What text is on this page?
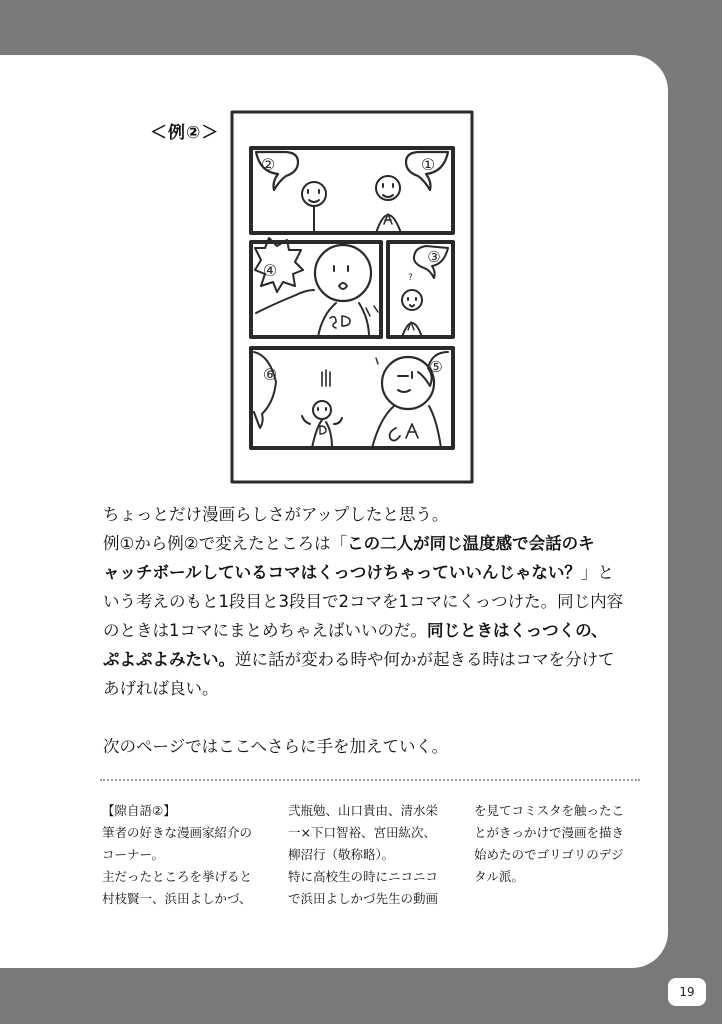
＜例②＞
?
②	①
④
③
⑥	⑤

ちょっとだけ漫画らしさがアップしたと思う。

例①から例②で変えたところは「この二人が同じ温度感で会話のキ

ャッチボールしているコマはくっつけちゃっていいんじゃない？」と

いう考えのもと1段目と3段目で2コマを1コマにくっつけた。同じ内容

のときは1コマにまとめちゃえばいいのだ。同じときはくっつくの、

ぷよぷよみたい。逆に話が変わる時や何かが起きる時はコマを分けて

あげれば良い。

次のページではここへさらに手を加えていく。

【隙自語②】

筆者の好きな漫画家紹介の

コーナー。

主だったところを挙げると

村枝賢一、浜田よしかづ、

弐瓶勉、山口貴由、清水栄

一×下口智裕、宮田紘次、

柳沼行（敬称略）。

特に高校生の時にニコニコ

で浜田よしかづ先生の動画

を見てコミスタを触ったこ

とがきっかけで漫画を描き

始めたのでゴリゴリのデジ

タル派。

19
